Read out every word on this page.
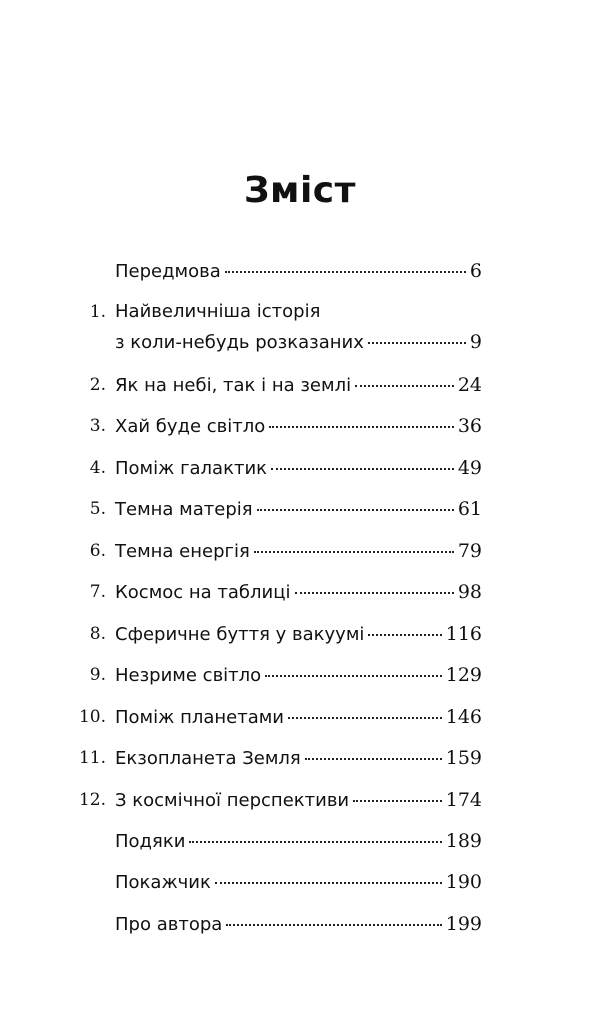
Зміст
Передмова	6
1. Найвеличніша історія
з коли-небудь розказаних	9
2. Як на небі, так і на землі	24
3. Хай буде світло	36
4. Поміж галактик	49
5. Темна матерія	61
6. Темна енергія	79
7. Космос на таблиці	98
8. Сферичне буття у вакуумі	116
9. Незриме світло	129
10. Поміж планетами	146
11. Екзопланета Земля	159
12. З космічної перспективи	174
Подяки	189
Покажчик	190
Про автора	199
